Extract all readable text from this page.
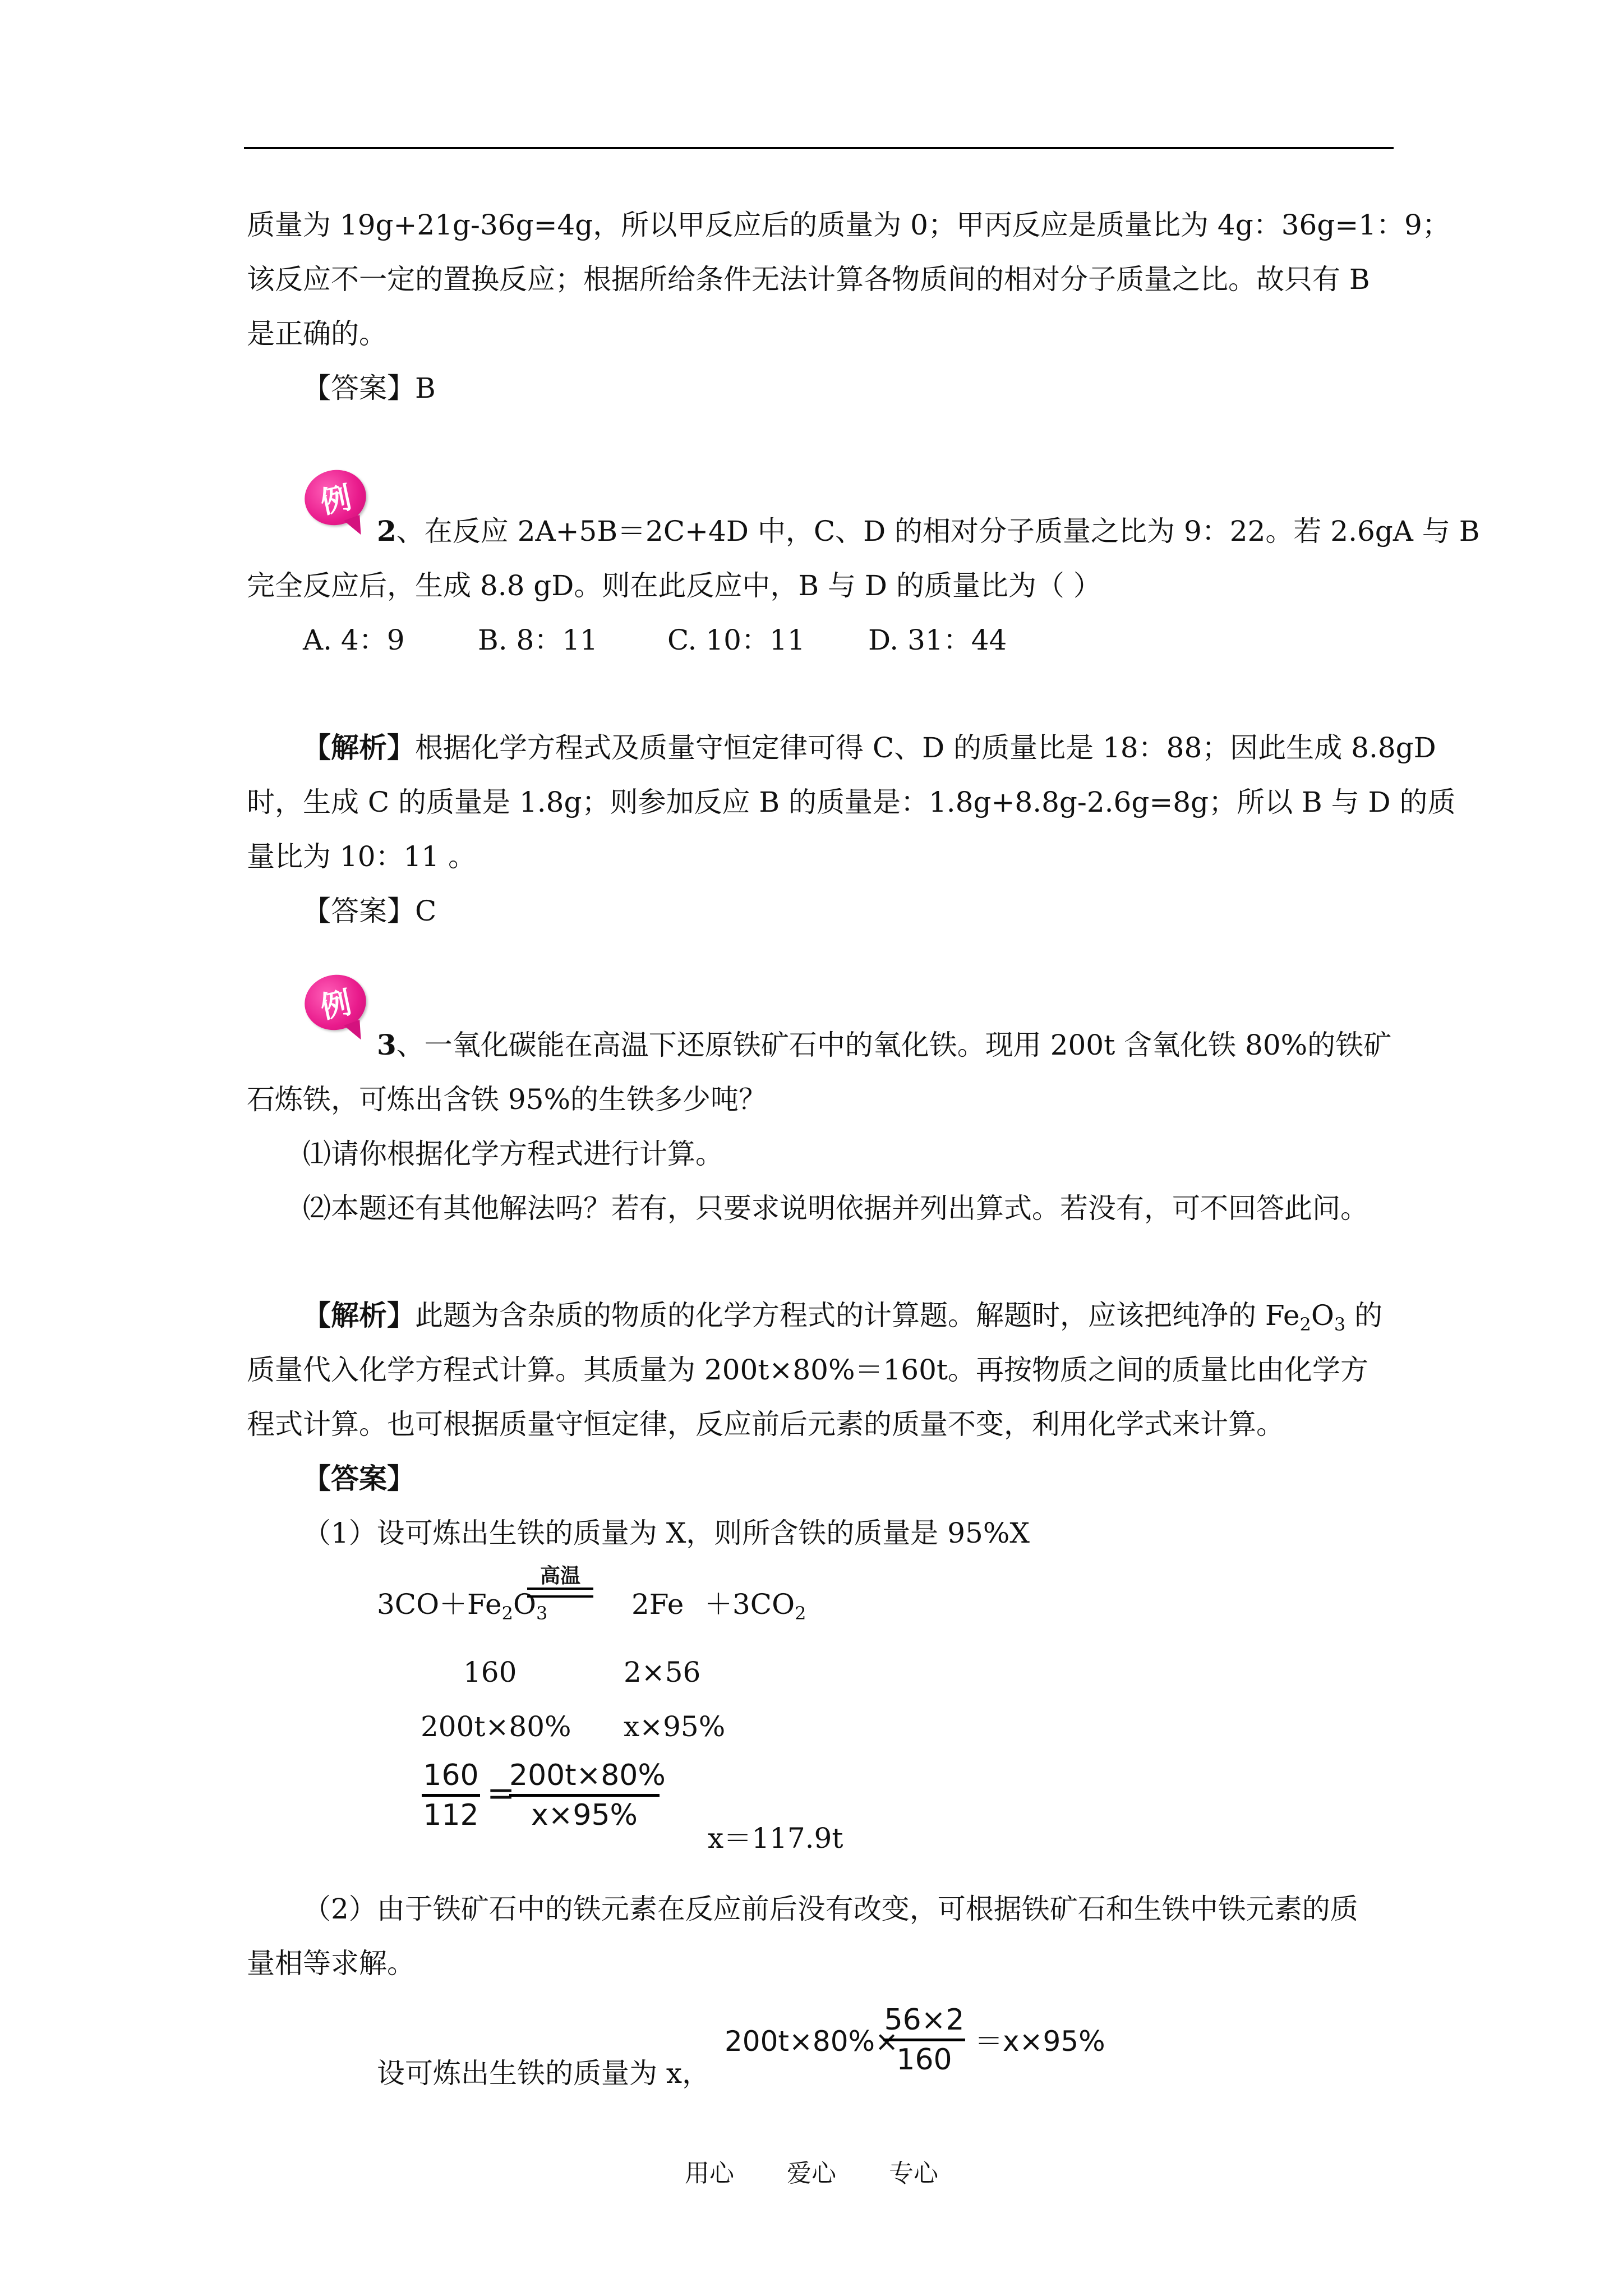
质量为 19g+21g-36g=4g，所以甲反应后的质量为 0；甲丙反应是质量比为 4g：36g=1：9；
该反应不一定的置换反应；根据所给条件无法计算各物质间的相对分子质量之比。故只有 B
是正确的。
【答案】B
例
2、在反应 2A+5B＝2C+4D 中，C、D 的相对分子质量之比为 9：22。若 2.6gA 与 B
完全反应后，生成 8.8 gD。则在此反应中，B 与 D 的质量比为（ ）
A. 4：9	B. 8：11 C. 10：11 D. 31：44
【解析】根据化学方程式及质量守恒定律可得 C、D 的质量比是 18：88；因此生成 8.8gD
时，生成 C 的质量是 1.8g；则参加反应 B 的质量是：1.8g+8.8g-2.6g=8g；所以 B 与 D 的质
量比为 10：11 。
【答案】C
例
3、一氧化碳能在高温下还原铁矿石中的氧化铁。现用 200t 含氧化铁 80%的铁矿
石炼铁，可炼出含铁 95%的生铁多少吨？
⑴请你根据化学方程式进行计算。
⑵本题还有其他解法吗？若有，只要求说明依据并列出算式。若没有，可不回答此问。
【解析】此题为含杂质的物质的化学方程式的计算题。解题时，应该把纯净的 $Fe_2O_3$ 的
质量代入化学方程式计算。其质量为 200t×80%＝160t。再按物质之间的质量比由化学方
程式计算。也可根据质量守恒定律，反应前后元素的质量不变，利用化学式来计算。
【答案】
（1）设可炼出生铁的质量为 X，则所含铁的质量是 95%X
$3CO+Fe_2O_3$
高温
$2Fe +3CO_2$
160	2×56
200t×80% x×95%
160
112
=
200t×80%
x×95%
x＝117.9t
（2）由于铁矿石中的铁元素在反应前后没有改变，可根据铁矿石和生铁中铁元素的质
量相等求解。
设可炼出生铁的质量为 x，
200t×80%×
56×2
160
＝x×95%
用心 爱心 专心
